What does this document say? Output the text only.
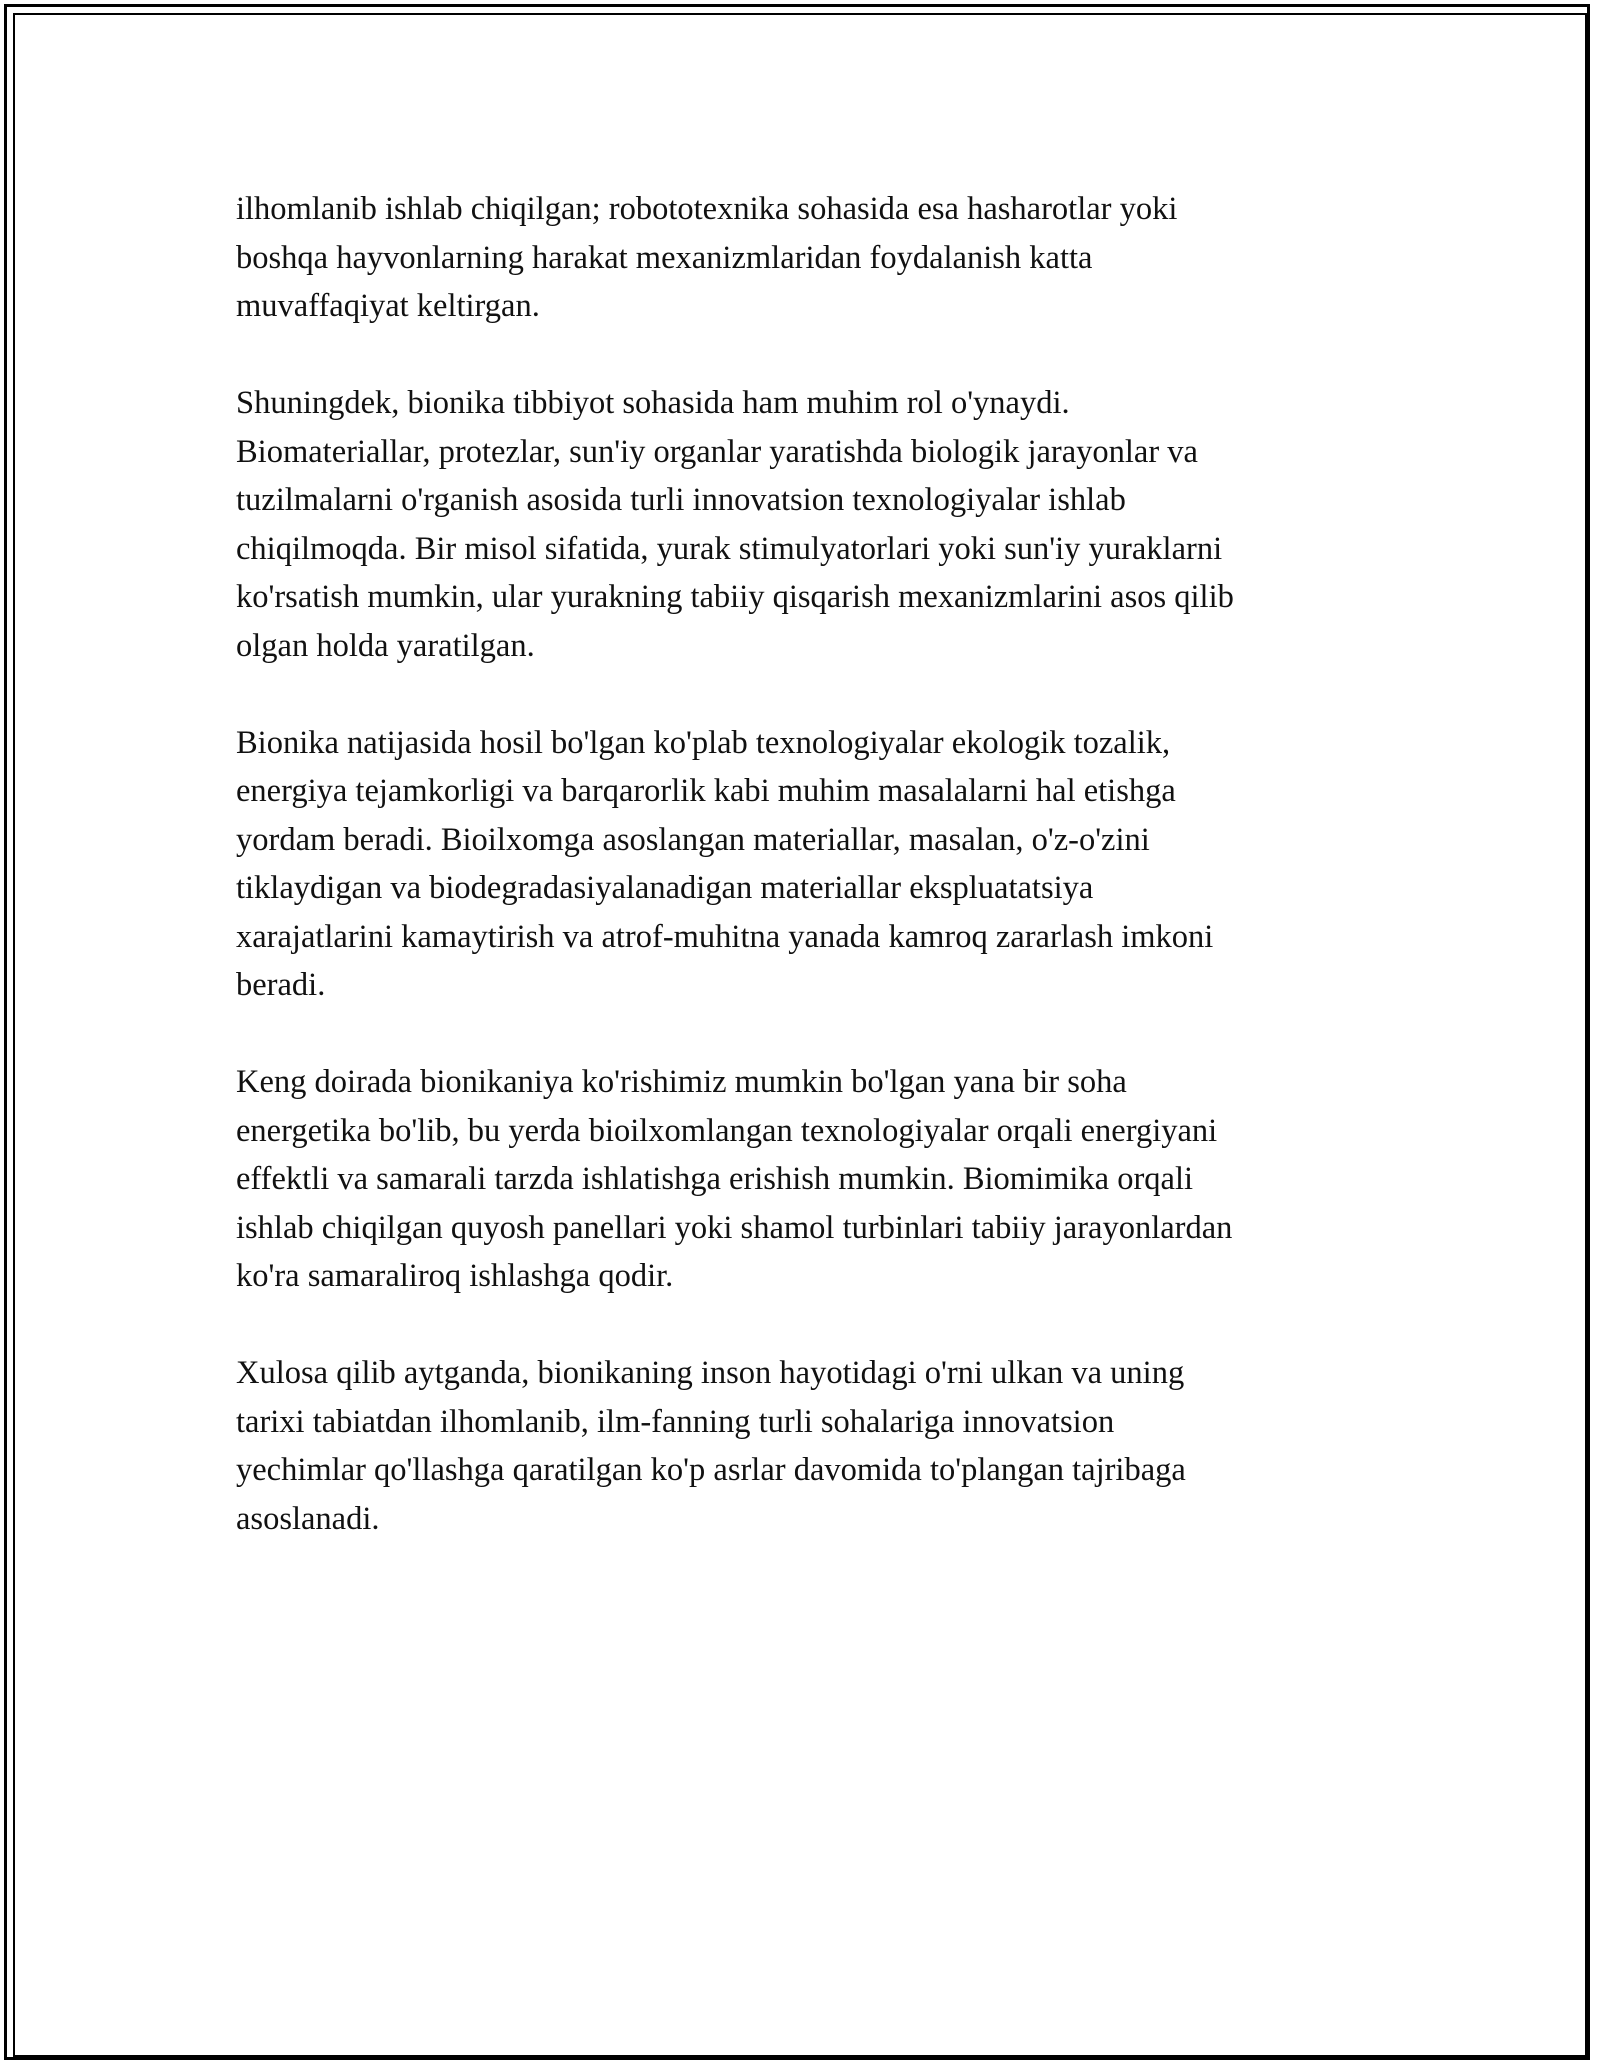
ilhomlanib ishlab chiqilgan; robototexnika sohasida esa hasharotlar yoki
boshqa hayvonlarning harakat mexanizmlaridan foydalanish katta
muvaffaqiyat keltirgan.

Shuningdek, bionika tibbiyot sohasida ham muhim rol o'ynaydi.
Biomateriallar, protezlar, sun'iy organlar yaratishda biologik jarayonlar va
tuzilmalarni o'rganish asosida turli innovatsion texnologiyalar ishlab
chiqilmoqda. Bir misol sifatida, yurak stimulyatorlari yoki sun'iy yuraklarni
ko'rsatish mumkin, ular yurakning tabiiy qisqarish mexanizmlarini asos qilib
olgan holda yaratilgan.

Bionika natijasida hosil bo'lgan ko'plab texnologiyalar ekologik tozalik,
energiya tejamkorligi va barqarorlik kabi muhim masalalarni hal etishga
yordam beradi. Bioilxomga asoslangan materiallar, masalan, o'z-o'zini
tiklaydigan va biodegradasiyalanadigan materiallar ekspluatatsiya
xarajatlarini kamaytirish va atrof-muhitna yanada kamroq zararlash imkoni
beradi.

Keng doirada bionikaniya ko'rishimiz mumkin bo'lgan yana bir soha
energetika bo'lib, bu yerda bioilxomlangan texnologiyalar orqali energiyani
effektli va samarali tarzda ishlatishga erishish mumkin. Biomimika orqali
ishlab chiqilgan quyosh panellari yoki shamol turbinlari tabiiy jarayonlardan
ko'ra samaraliroq ishlashga qodir.

Xulosa qilib aytganda, bionikaning inson hayotidagi o'rni ulkan va uning
tarixi tabiatdan ilhomlanib, ilm-fanning turli sohalariga innovatsion
yechimlar qo'llashga qaratilgan ko'p asrlar davomida to'plangan tajribaga
asoslanadi.
